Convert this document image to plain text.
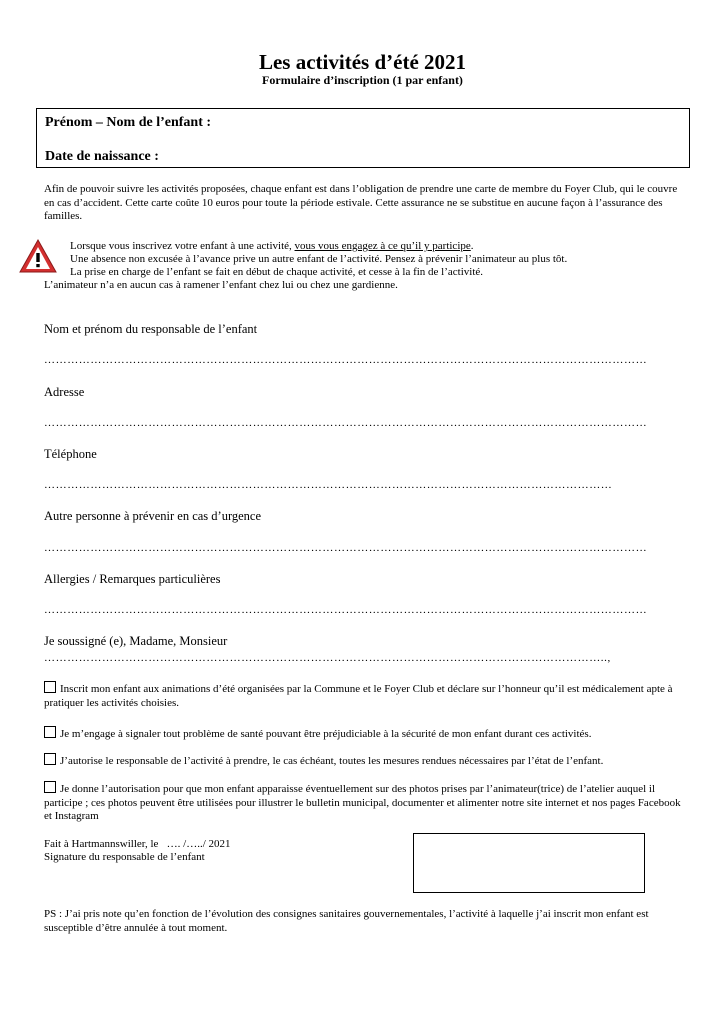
Les activités d’été 2021
Formulaire d’inscription (1 par enfant)
Prénom – Nom de l’enfant :
Date de naissance :
Afin de pouvoir suivre les activités proposées, chaque enfant est dans l’obligation de prendre une carte de membre du Foyer Club, qui le couvre en cas d’accident. Cette carte coûte 10 euros pour toute la période estivale. Cette assurance ne se substitue en aucune façon à l’assurance des familles.
Lorsque vous inscrivez votre enfant à une activité, vous vous engagez à ce qu’il y participe.
Une absence non excusée à l’avance prive un autre enfant de l’activité. Pensez à prévenir l’animateur au plus tôt.
La prise en charge de l’enfant se fait en début de chaque activité, et cesse à la fin de l’activité.
L’animateur n’a en aucun cas à ramener l’enfant chez lui ou chez une gardienne.
Nom et prénom du responsable de l’enfant
…………………………………………………………………………………………………………………………………………
Adresse
…………………………………………………………………………………………………………………………………………
Téléphone
…………………………………………………………………………………………………………………………………
Autre personne à prévenir en cas d’urgence
…………………………………………………………………………………………………………………………………………
Allergies / Remarques particulières
…………………………………………………………………………………………………………………………………………
Je soussigné (e), Madame, Monsieur
………………………………………………………………………………………………………………………………..,
Inscrit mon enfant aux animations d’été organisées par la Commune et le Foyer Club et déclare sur l’honneur qu’il est médicalement apte à pratiquer les activités choisies.
Je m’engage à signaler tout problème de santé pouvant être préjudiciable à la sécurité de mon enfant durant ces activités.
J’autorise le responsable de l’activité à prendre, le cas échéant, toutes les mesures rendues nécessaires par l’état de l’enfant.
Je donne l’autorisation pour que mon enfant apparaisse éventuellement sur des photos prises par l’animateur(trice) de l’atelier auquel il participe ; ces photos peuvent être utilisées pour illustrer le bulletin municipal, documenter et alimenter notre site internet et nos pages Facebook et Instagram
Fait à Hartmannswiller, le   …. /…../ 2021
Signature du responsable de l’enfant
PS : J’ai pris note qu’en fonction de l’évolution des consignes sanitaires gouvernementales, l’activité à laquelle j’ai inscrit mon enfant est susceptible d’être annulée à tout moment.
